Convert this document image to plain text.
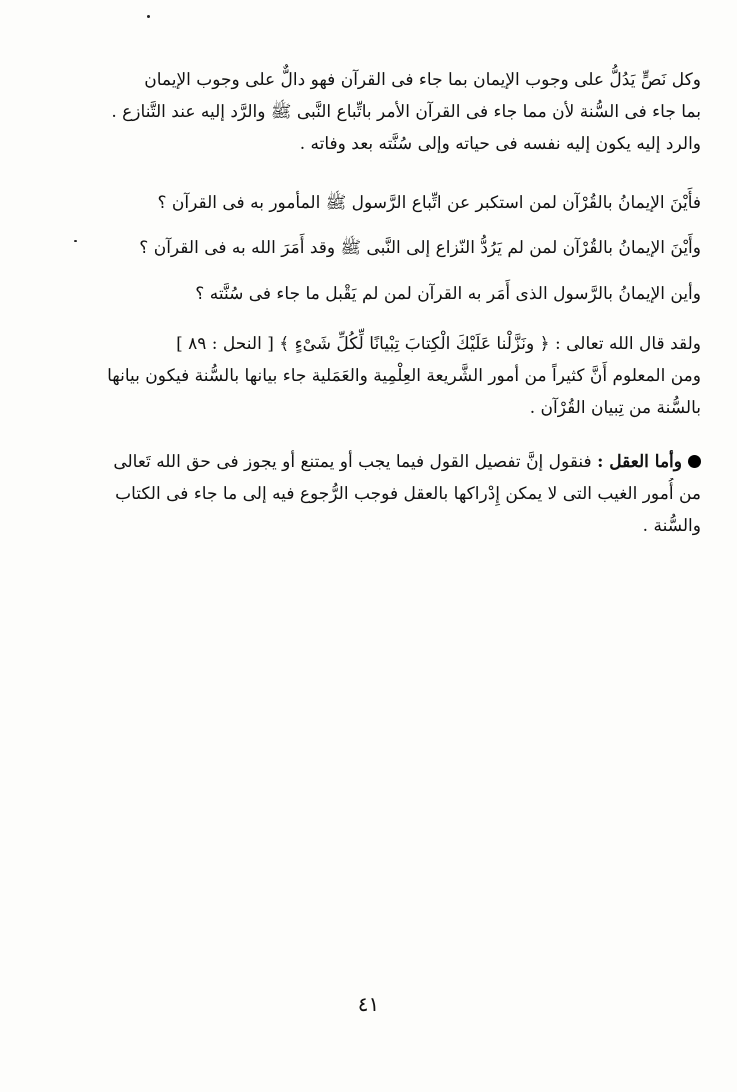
وكل نَصٍّ يَدُلُّ على وجوب الإيمان بما جاء فى القرآن فهو دالٌّ على وجوب الإيمان
بما جاء فى السُّنة لأن مما جاء فى القرآن الأمر باتِّباع النَّبى ﷺ والرَّد إليه عند التَّنازع .
والرد إليه يكون إليه نفسه فى حياته وإلى سُنَّته بعد وفاته .
فأَيْنَ الإيمانُ بالقُرْآن لمن استكبر عن اتِّباع الرَّسول ﷺ المأمور به فى القرآن ؟
وأَيْنَ الإيمانُ بالقُرْآن لمن لم يَرُدُّ النّزاع إلى النَّبى ﷺ وقد أَمَرَ الله به فى القرآن ؟
وأين الإيمانُ بالرَّسول الذى أَمَر به القرآن لمن لم يَقْبل ما جاء فى سُنَّته ؟
ولقد قال الله تعالى : ﴿ ونَزَّلْنا عَلَيْكَ الْكِتابَ تِبْيانًا لِّكُلِّ شَىْءٍ ﴾ [ النحل : ٨٩ ]
ومن المعلوم أَنَّ كثيراً من أمور الشَّريعة العِلْمِية والعَمَلية جاء بيانها بالسُّنة فيكون بيانها
بالسُّنة من تِبيان القُرْآن .
وأما العقل : فنقول إنَّ تفصيل القول فيما يجب أو يمتنع أو يجوز فى حق الله تَعالى
من أُمور الغيب التى لا يمكن إِدْراكها بالعقل فوجب الرُّجوع فيه إلى ما جاء فى الكتاب
والسُّنة .
٤١
